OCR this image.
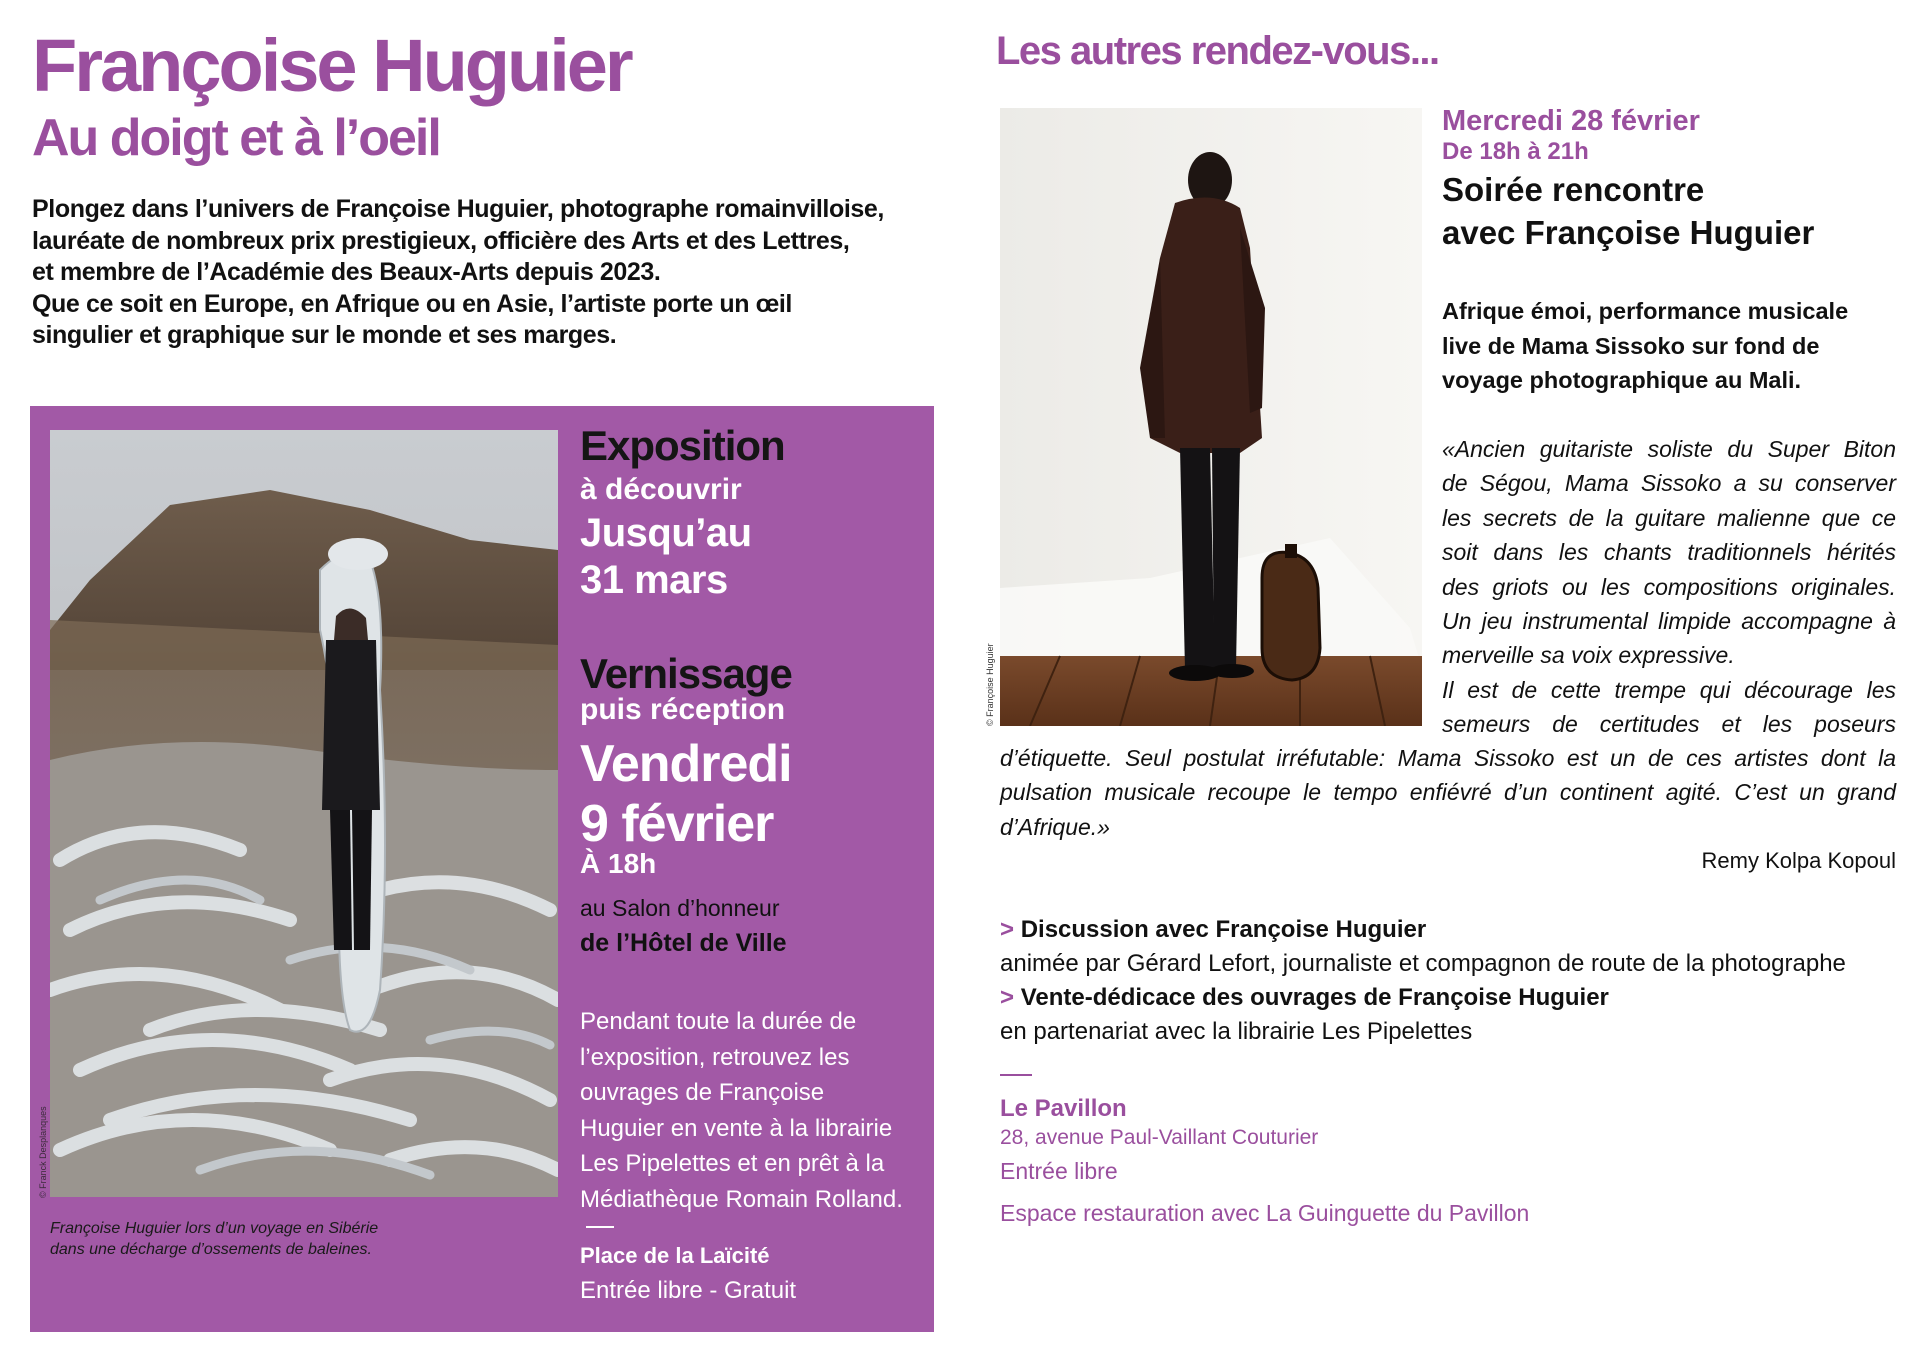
Françoise Huguier
Au doigt et à l’oeil

Plongez dans l’univers de Françoise Huguier, photographe romainvilloise,

lauréate de nombreux prix prestigieux, officière des Arts et des Lettres,

et membre de l’Académie des Beaux-Arts depuis 2023.

Que ce soit en Europe, en Afrique ou en Asie, l’artiste porte un œil

singulier et graphique sur le monde et ses marges.

© Franck Desplanques

Françoise Huguier lors d’un voyage en Sibérie

dans une décharge d’ossements de baleines.

Exposition
à découvrir
Jusqu’au
31 mars
Vernissage
puis réception
Vendredi
9 février
À 18h
au Salon d’honneur
de l’Hôtel de Ville

Pendant toute la durée de

l’exposition, retrouvez les

ouvrages de Françoise

Huguier en vente à la librairie

Les Pipelettes et en prêt à la

Médiathèque Romain Rolland.

Place de la Laïcité
Entrée libre - Gratuit
Les autres rendez-vous...
© Françoise Huguier
Mercredi 28 février
De 18h à 21h

Soirée rencontre

avec Françoise Huguier

Afrique émoi, performance musicale

live de Mama Sissoko sur fond de

voyage photographique au Mali.

«Ancien guitariste soliste du Super Biton

de Ségou, Mama Sissoko a su conserver

les secrets de la guitare malienne que ce

soit dans les chants traditionnels hérités

des griots ou les compositions originales.

Un jeu instrumental limpide accompagne à

merveille sa voix expressive.

Il est de cette trempe qui décourage les

semeurs de certitudes et les poseurs

d’étiquette. Seul postulat irréfutable: Mama Sissoko est un de ces artistes dont la

pulsation musicale recoupe le tempo enfiévré d’un continent agité. C’est un grand

d’Afrique.»

Remy Kolpa Kopoul
> Discussion avec Françoise Huguier
animée par Gérard Lefort, journaliste et compagnon de route de la photographe
> Vente-dédicace des ouvrages de Françoise Huguier
en partenariat avec la librairie Les Pipelettes
Le Pavillon
28, avenue Paul-Vaillant Couturier
Entrée libre
Espace restauration avec La Guinguette du Pavillon
